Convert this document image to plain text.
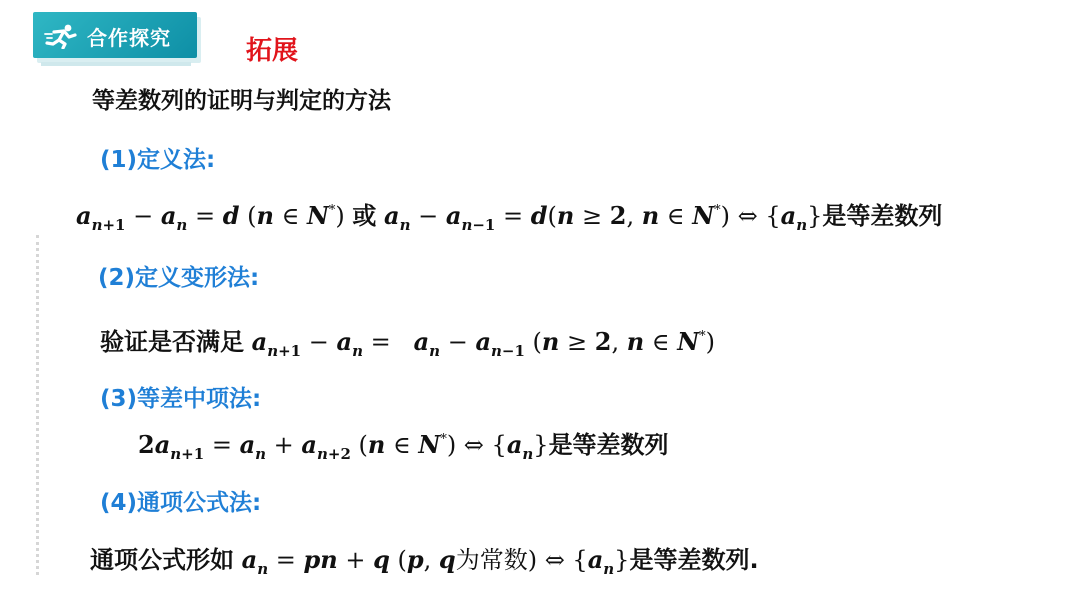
合作探究	拓展
等差数列的证明与判定的方法
(1)定义法:
$a_{n+1} - a_n = d$ (n ∈ N*) 或 $a_n - a_{n-1} = d(n \ge 2$, n ∈ N*) ⇔ $\{a_n\}$是等差数列
(2)定义变形法:
验证是否满足 $a_{n+1} - a_n = a_n - a_{n-1}$ (n ≥ 2, n ∈ N*)
(3)等差中项法:
$2a_{n+1} = a_n + a_{n+2}$ (n ∈ N*) ⇔ $\{a_n\}$是等差数列
(4)通项公式法:
通项公式形如 $a_n$ = pn + q (p, q为常数) ⇔ $\{a_n\}$是等差数列.
